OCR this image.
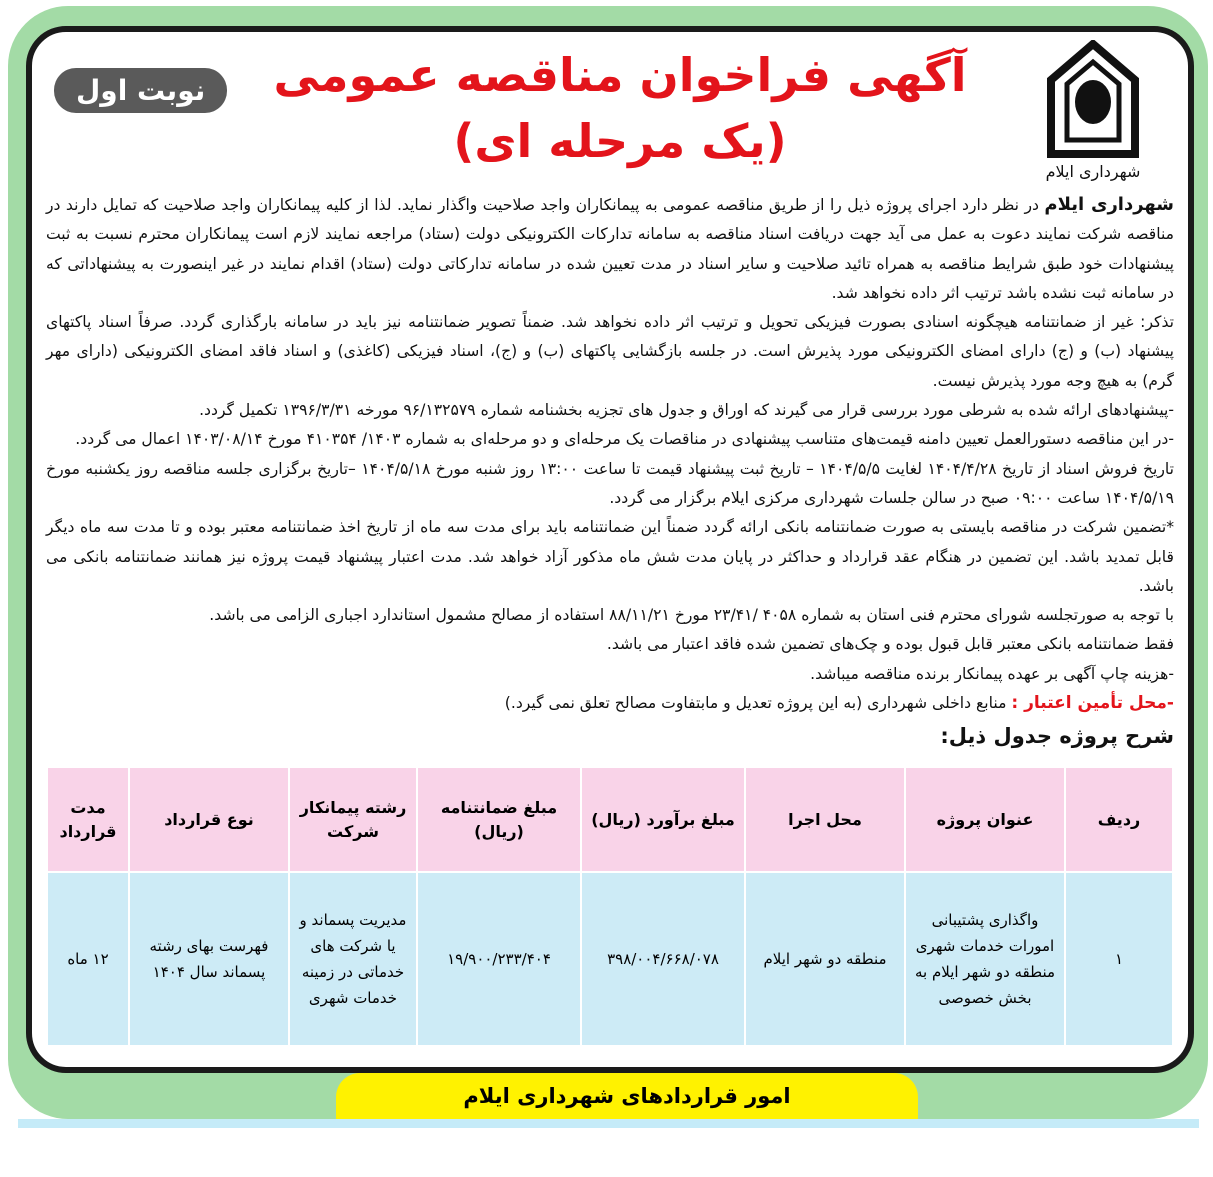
شهرداری ایلام
آگهی فراخوان مناقصه عمومی
(یک مرحله ای)
نوبت اول

شهرداری ایلام در نظر دارد اجرای پروژه ذیل را از طریق مناقصه عمومی به پیمانکاران واجد صلاحیت واگذار نماید. لذا از کلیه پیمانکاران واجد صلاحیت که تمایل دارند در مناقصه شرکت نمایند دعوت به عمل می آید جهت دریافت اسناد مناقصه به سامانه تدارکات الکترونیکی دولت (ستاد) مراجعه نمایند لازم است پیمانکاران محترم نسبت به ثبت پیشنهادات خود طبق شرایط مناقصه به همراه تائید صلاحیت و سایر اسناد در مدت تعیین شده در سامانه تدارکاتی دولت (ستاد) اقدام نمایند در غیر اینصورت به پیشنهاداتی که در سامانه ثبت نشده باشد ترتیب اثر داده نخواهد شد.

تذکر: غیر از ضمانتنامه هیچگونه اسنادی بصورت فیزیکی تحویل و ترتیب اثر داده نخواهد شد. ضمناً تصویر ضمانتنامه نیز باید در سامانه بارگذاری گردد. صرفاً اسناد پاکتهای پیشنهاد (ب) و (ج) دارای امضای الکترونیکی مورد پذیرش است. در جلسه بازگشایی پاکتهای (ب) و (ج)، اسناد فیزیکی (کاغذی) و اسناد فاقد امضای الکترونیکی (دارای مهر گرم) به هیچ وجه مورد پذیرش نیست.

-پیشنهادهای ارائه شده به شرطی مورد بررسی قرار می گیرند که اوراق و جدول های تجزیه بخشنامه شماره ۹۶/۱۳۲۵۷۹ مورخه ۱۳۹۶/۳/۳۱ تکمیل گردد.

-در این مناقصه دستورالعمل تعیین دامنه قیمت‌های متناسب پیشنهادی در مناقصات یک مرحله‌ای و دو مرحله‌ای به شماره ۱۴۰۳/ ۴۱۰۳۵۴ مورخ ۱۴۰۳/۰۸/۱۴ اعمال می گردد.

تاریخ فروش اسناد از تاریخ ۱۴۰۴/۴/۲۸ لغایت ۱۴۰۴/۵/۵ – تاریخ ثبت پیشنهاد قیمت تا ساعت ۱۳:۰۰ روز شنبه مورخ ۱۴۰۴/۵/۱۸ –تاریخ برگزاری جلسه مناقصه روز یکشنبه مورخ ۱۴۰۴/۵/۱۹ ساعت ۰۹:۰۰ صبح در سالن جلسات شهرداری مرکزی ایلام برگزار می گردد.

*تضمین شرکت در مناقصه بایستی به صورت ضمانتنامه بانکی ارائه گردد ضمناً این ضمانتنامه باید برای مدت سه ماه از تاریخ اخذ ضمانتنامه معتبر بوده و تا مدت سه ماه دیگر قابل تمدید باشد. این تضمین در هنگام عقد قرارداد و حداکثر در پایان مدت شش ماه مذکور آزاد خواهد شد. مدت اعتبار پیشنهاد قیمت پروژه نیز همانند ضمانتنامه بانکی می باشد.

با توجه به صورتجلسه شورای محترم فنی استان به شماره ۴۰۵۸ /۲۳/۴۱ مورخ ۸۸/۱۱/۲۱ استفاده از مصالح مشمول استاندارد اجباری الزامی می باشد.

فقط ضمانتنامه بانکی معتبر قابل قبول بوده و چک‌های تضمین شده فاقد اعتبار می باشد.

-هزینه چاپ آگهی بر عهده پیمانکار برنده مناقصه میباشد.

-محل تأمین اعتبار : منابع داخلی شهرداری (به این پروژه تعدیل و مابتفاوت مصالح تعلق نمی گیرد.)

شرح پروژه جدول ذیل:
ردیف	عنوان پروژه	محل اجرا	مبلغ برآورد (ریال)	مبلغ ضمانتنامه (ریال)	رشته پیمانکار شرکت	نوع قرارداد	مدت قرارداد
۱	واگذاری پشتیبانی امورات خدمات شهری منطقه دو شهر ایلام به بخش خصوصی	منطقه دو شهر ایلام	۳۹۸/۰۰۴/۶۶۸/۰۷۸	۱۹/۹۰۰/۲۳۳/۴۰۴	مدیریت پسماند و یا شرکت های خدماتی در زمینه خدمات شهری	فهرست بهای رشته پسماند سال ۱۴۰۴	۱۲ ماه
امور قراردادهای شهرداری ایلام
